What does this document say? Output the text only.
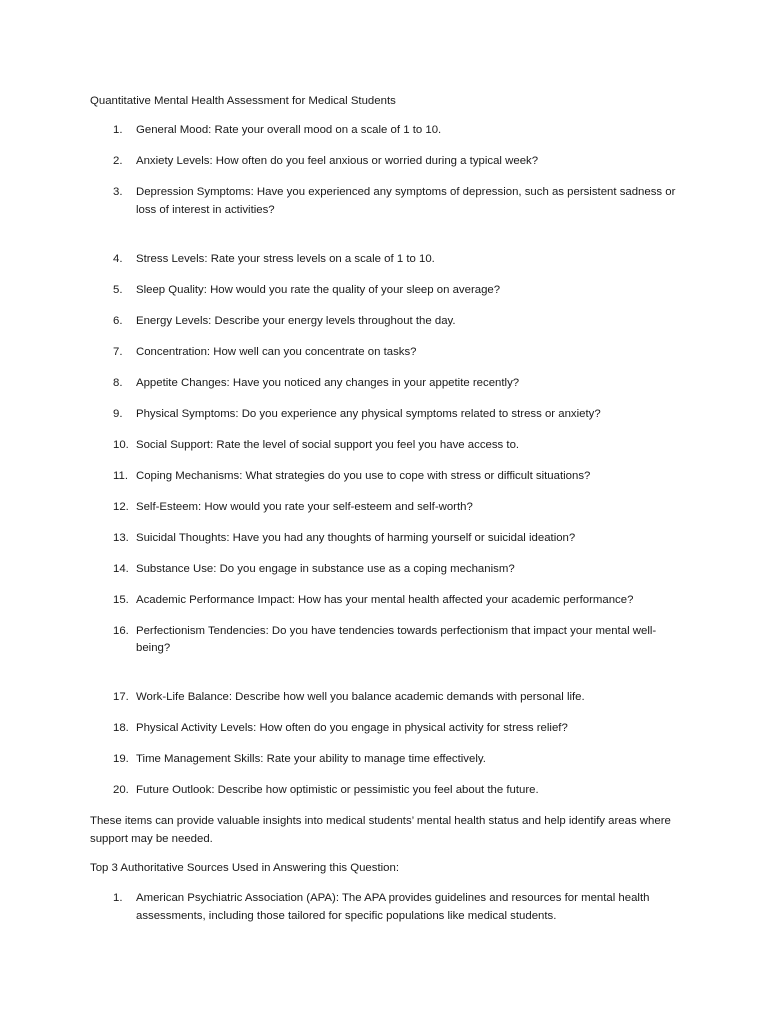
Quantitative Mental Health Assessment for Medical Students
1.	General Mood: Rate your overall mood on a scale of 1 to 10.
2.	Anxiety Levels: How often do you feel anxious or worried during a typical week?
3.	Depression Symptoms: Have you experienced any symptoms of depression, such as persistent sadness or loss of interest in activities?
4.	Stress Levels: Rate your stress levels on a scale of 1 to 10.
5.	Sleep Quality: How would you rate the quality of your sleep on average?
6.	Energy Levels: Describe your energy levels throughout the day.
7.	Concentration: How well can you concentrate on tasks?
8.	Appetite Changes: Have you noticed any changes in your appetite recently?
9.	Physical Symptoms: Do you experience any physical symptoms related to stress or anxiety?
10. Social Support: Rate the level of social support you feel you have access to.
11. Coping Mechanisms: What strategies do you use to cope with stress or difficult situations?
12. Self-Esteem: How would you rate your self-esteem and self-worth?
13. Suicidal Thoughts: Have you had any thoughts of harming yourself or suicidal ideation?
14. Substance Use: Do you engage in substance use as a coping mechanism?
15. Academic Performance Impact: How has your mental health affected your academic performance?
16. Perfectionism Tendencies: Do you have tendencies towards perfectionism that impact your mental well-being?
17. Work-Life Balance: Describe how well you balance academic demands with personal life.
18. Physical Activity Levels: How often do you engage in physical activity for stress relief?
19. Time Management Skills: Rate your ability to manage time effectively.
20. Future Outlook: Describe how optimistic or pessimistic you feel about the future.

These items can provide valuable insights into medical students’ mental health status and help identify areas where support may be needed.

Top 3 Authoritative Sources Used in Answering this Question:

1.	American Psychiatric Association (APA): The APA provides guidelines and resources for mental health assessments, including those tailored for specific populations like medical students.
